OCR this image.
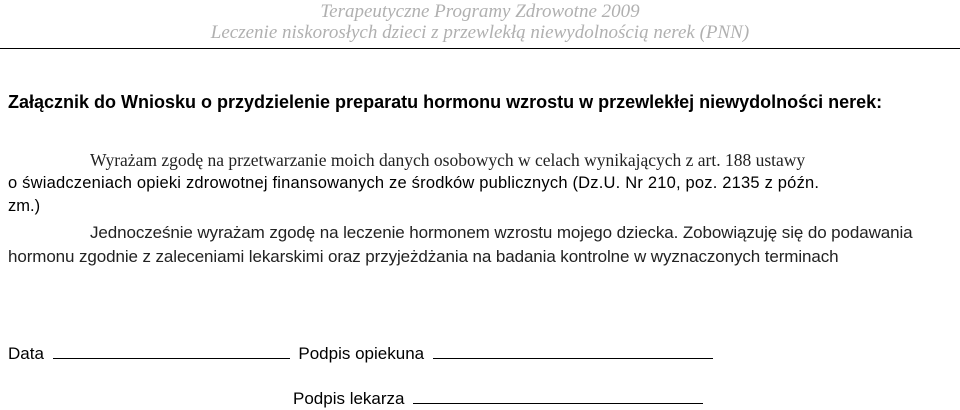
Terapeutyczne Programy Zdrowotne 2009
Leczenie niskorosłych dzieci z przewlekłą niewydolnością nerek (PNN)
Załącznik do Wniosku o przydzielenie preparatu hormonu wzrostu w przewlekłej niewydolności nerek:
Wyrażam zgodę na przetwarzanie moich danych osobowych w celach wynikających z art. 188 ustawy
o świadczeniach opieki zdrowotnej finansowanych ze środków publicznych (Dz.U. Nr 210, poz. 2135 z późn.
zm.)
Jednocześnie wyrażam zgodę na leczenie hormonem wzrostu mojego dziecka. Zobowiązuję się do podawania hormonu zgodnie z zaleceniami lekarskimi oraz przyjeżdżania na badania kontrolne w wyznaczonych terminach
Data	Podpis opiekuna
Podpis lekarza
